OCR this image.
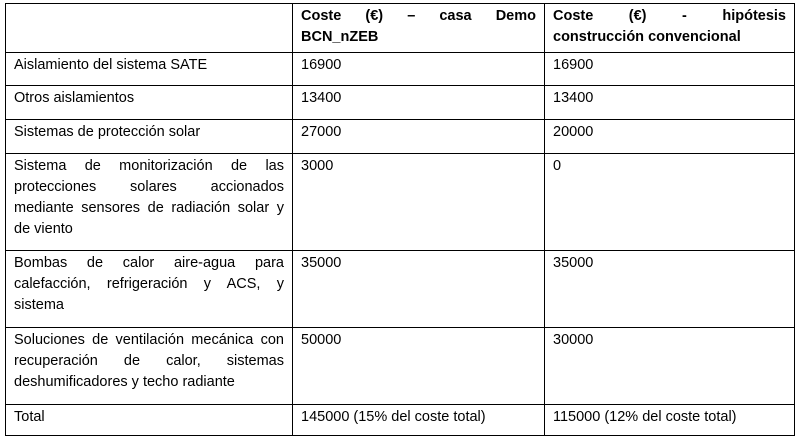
	Coste (€) – casa Demo BCN_nZEB	Coste (€) - hipótesis construcción convencional
Aislamiento del sistema SATE	16900	16900
Otros aislamientos	13400	13400
Sistemas de protección solar	27000	20000
Sistema de monitorización de las protecciones solares accionados mediante sensores de radiación solar y de viento	3000	0
Bombas de calor aire-agua para calefacción, refrigeración y ACS, y sistema	35000	35000
Soluciones de ventilación mecánica con recuperación de calor, sistemas deshumificadores y techo radiante	50000	30000
Total	145000 (15% del coste total)	115000 (12% del coste total)
